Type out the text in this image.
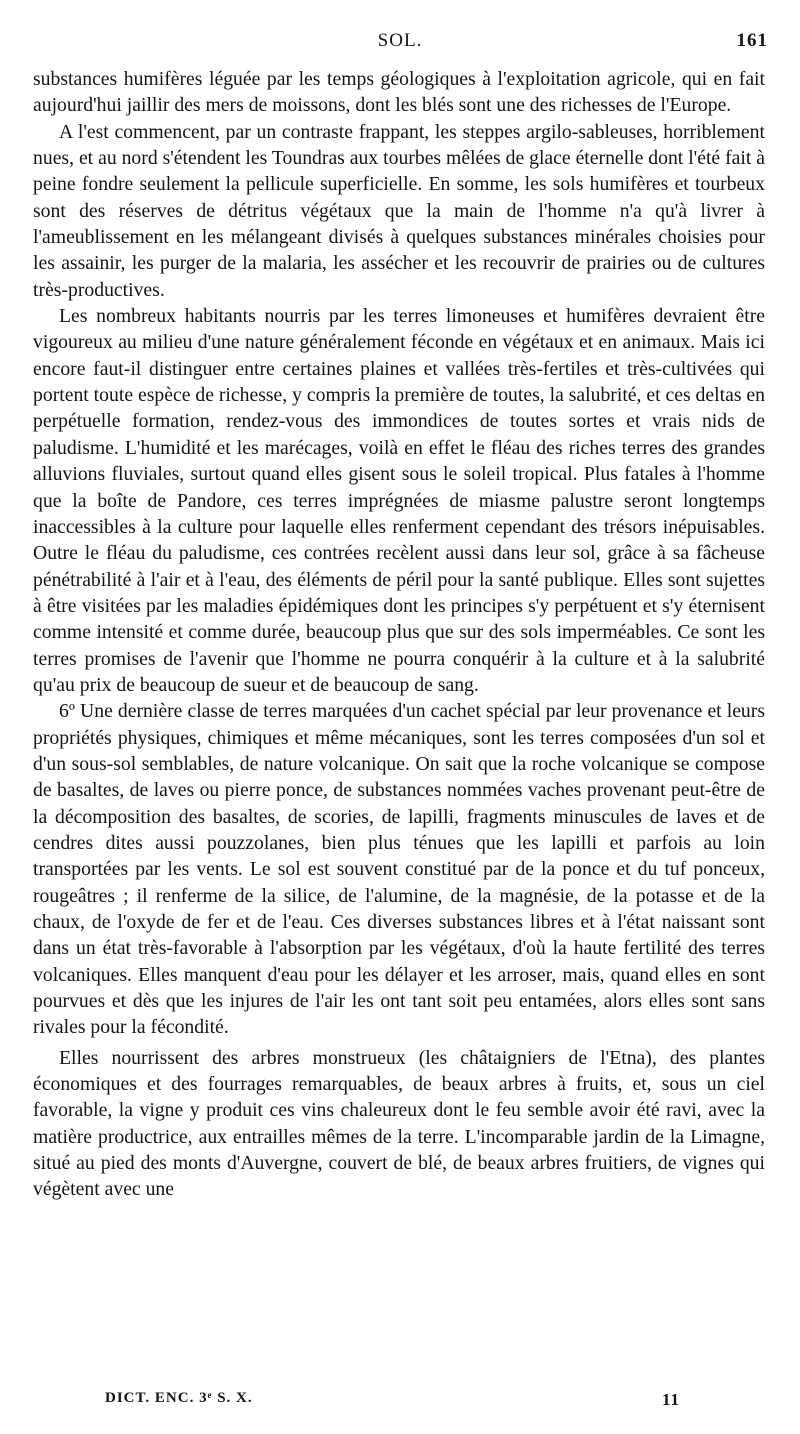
SOL.	161

substances humifères léguée par les temps géologiques à l'exploitation agricole, qui en fait aujourd'hui jaillir des mers de moissons, dont les blés sont une des richesses de l'Europe.

A l'est commencent, par un contraste frappant, les steppes argilo-sableuses, horriblement nues, et au nord s'étendent les Toundras aux tourbes mêlées de glace éternelle dont l'été fait à peine fondre seulement la pellicule superficielle. En somme, les sols humifères et tourbeux sont des réserves de détritus végétaux que la main de l'homme n'a qu'à livrer à l'ameublissement en les mélangeant divisés à quelques substances minérales choisies pour les assainir, les purger de la malaria, les assécher et les recouvrir de prairies ou de cultures très-productives.

Les nombreux habitants nourris par les terres limoneuses et humifères devraient être vigoureux au milieu d'une nature généralement féconde en végétaux et en animaux. Mais ici encore faut-il distinguer entre certaines plaines et vallées très-fertiles et très-cultivées qui portent toute espèce de richesse, y compris la première de toutes, la salubrité, et ces deltas en perpétuelle formation, rendez-vous des immondices de toutes sortes et vrais nids de paludisme. L'humidité et les marécages, voilà en effet le fléau des riches terres des grandes alluvions fluviales, surtout quand elles gisent sous le soleil tropical. Plus fatales à l'homme que la boîte de Pandore, ces terres imprégnées de miasme palustre seront longtemps inaccessibles à la culture pour laquelle elles renferment cependant des trésors inépuisables. Outre le fléau du paludisme, ces contrées recèlent aussi dans leur sol, grâce à sa fâcheuse pénétrabilité à l'air et à l'eau, des éléments de péril pour la santé publique. Elles sont sujettes à être visitées par les maladies épidémiques dont les principes s'y perpétuent et s'y éternisent comme intensité et comme durée, beaucoup plus que sur des sols imperméables. Ce sont les terres promises de l'avenir que l'homme ne pourra conquérir à la culture et à la salubrité qu'au prix de beaucoup de sueur et de beaucoup de sang.

6º Une dernière classe de terres marquées d'un cachet spécial par leur provenance et leurs propriétés physiques, chimiques et même mécaniques, sont les terres composées d'un sol et d'un sous-sol semblables, de nature volcanique. On sait que la roche volcanique se compose de basaltes, de laves ou pierre ponce, de substances nommées vaches provenant peut-être de la décomposition des basaltes, de scories, de lapilli, fragments minuscules de laves et de cendres dites aussi pouzzolanes, bien plus ténues que les lapilli et parfois au loin transportées par les vents. Le sol est souvent constitué par de la ponce et du tuf ponceux, rougeâtres ; il renferme de la silice, de l'alumine, de la magnésie, de la potasse et de la chaux, de l'oxyde de fer et de l'eau. Ces diverses substances libres et à l'état naissant sont dans un état très-favorable à l'absorption par les végétaux, d'où la haute fertilité des terres volcaniques. Elles manquent d'eau pour les délayer et les arroser, mais, quand elles en sont pourvues et dès que les injures de l'air les ont tant soit peu entamées, alors elles sont sans rivales pour la fécondité.

Elles nourrissent des arbres monstrueux (les châtaigniers de l'Etna), des plantes économiques et des fourrages remarquables, de beaux arbres à fruits, et, sous un ciel favorable, la vigne y produit ces vins chaleureux dont le feu semble avoir été ravi, avec la matière productrice, aux entrailles mêmes de la terre. L'incomparable jardin de la Limagne, situé au pied des monts d'Auvergne, couvert de blé, de beaux arbres fruitiers, de vignes qui végètent avec une

DICT. ENC. 3ᵉ S. X.	11
